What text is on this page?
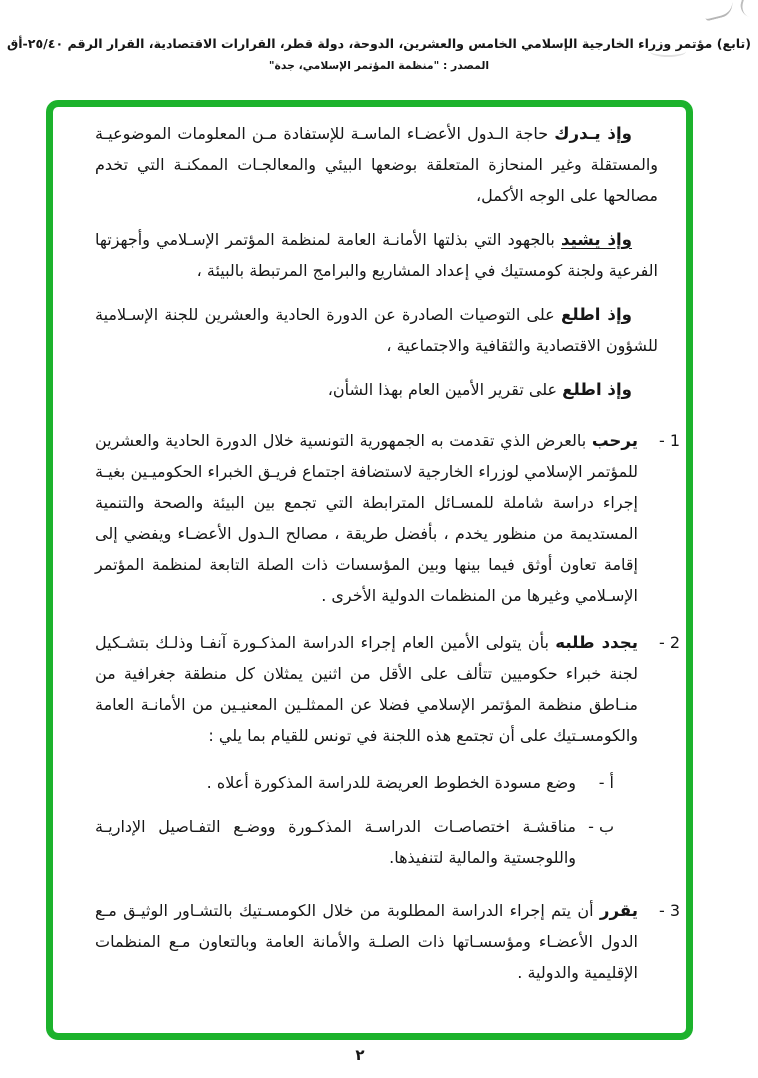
(تابع) مؤتمر وزراء الخارجية الإسلامي الخامس والعشرين، الدوحة، دولة قطر، القرارات الاقتصادية، القرار الرقم ٢٥/٤٠-أق
المصدر : "منظمة المؤتمر الإسلامي، جدة"

وإذ يـدرك حاجة الـدول الأعضـاء الماسـة للإستفادة مـن المعلومات الموضوعيـة والمستقلة وغير المنحازة المتعلقة بوضعها البيئي والمعالجـات الممكنـة التي تخدم مصالحها على الوجه الأكمل،

وإذ يشيد بالجهود التي بذلتها الأمانـة العامة لمنظمة المؤتمر الإسـلامي وأجهزتها الفرعية ولجنة كومستيك في إعداد المشاريع والبرامج المرتبطة بالبيئة ،

وإذ اطلع على التوصيات الصادرة عن الدورة الحادية والعشرين للجنة الإسـلامية للشؤون الاقتصادية والثقافية والاجتماعية ،

وإذ اطلع على تقرير الأمين العام بهذا الشأن،

1 -

يرحب بالعرض الذي تقدمت به الجمهورية التونسية خلال الدورة الحادية والعشرين للمؤتمر الإسلامي لوزراء الخارجية لاستضافة اجتماع فريـق الخبراء الحكوميـين بغيـة إجراء دراسة شاملة للمسـائل المترابطة التي تجمع بين البيئة والصحة والتنمية المستديمة من منظور يخدم ، بأفضل طريقة ، مصالح الـدول الأعضـاء ويفضي إلى إقامة تعاون أوثق فيما بينها وبين المؤسسات ذات الصلة التابعة لمنظمة المؤتمر الإسـلامي وغيرها من المنظمات الدولية الأخرى .

2 -

يجدد طلبه بأن يتولى الأمين العام إجراء الدراسة المذكـورة آنفـا وذلـك بتشـكيل لجنة خبراء حكوميين تتألف على الأقل من اثنين يمثلان كل منطقة جغرافية من منـاطق منظمة المؤتمر الإسلامي فضلا عن الممثلـين المعنيـين من الأمانـة العامة والكومسـتيك على أن تجتمع هذه اللجنة في تونس للقيام بما يلي :

أ -

وضع مسودة الخطوط العريضة للدراسة المذكورة أعلاه .

ب -

مناقشـة اختصاصـات الدراسـة المذكـورة ووضـع التفـاصيل الإداريـة واللوجستية والمالية لتنفيذها.

3 -

يقرر أن يتم إجراء الدراسة المطلوبة من خلال الكومسـتيك بالتشـاور الوثيـق مـع الدول الأعضـاء ومؤسسـاتها ذات الصلـة والأمانة العامة وبالتعاون مـع المنظمات الإقليمية والدولية .

٢
